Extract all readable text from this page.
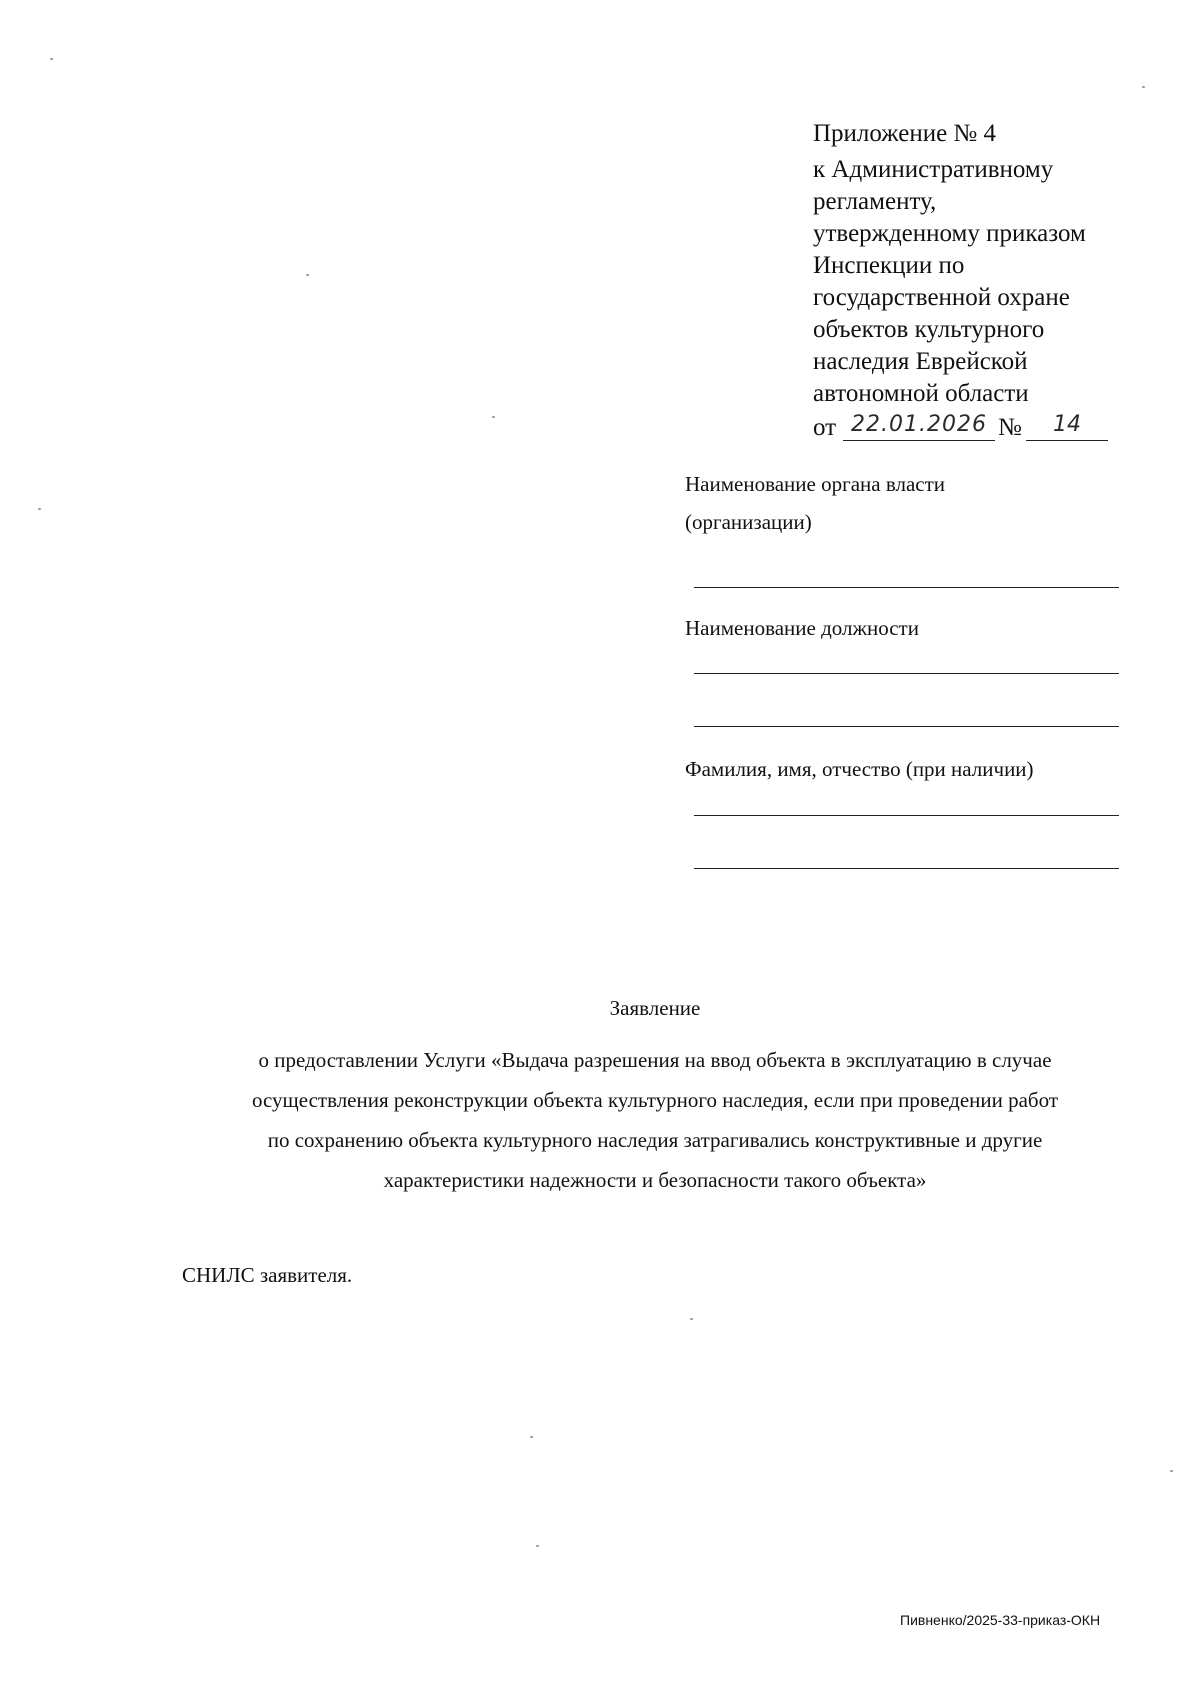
Приложение № 4
к Административному
регламенту,
утвержденному приказом
Инспекции по
государственной охране
объектов культурного
наследия Еврейской
автономной области
от 22.01.2026 №	14
Наименование органа власти
(организации)
Наименование должности
Фамилия, имя, отчество (при наличии)
Заявление
о предоставлении Услуги «Выдача разрешения на ввод объекта в эксплуатацию в случае
осуществления реконструкции объекта культурного наследия, если при проведении работ
по сохранению объекта культурного наследия затрагивались конструктивные и другие
характеристики надежности и безопасности такого объекта»
СНИЛС заявителя.
Пивненко/2025-33-приказ-ОКН
